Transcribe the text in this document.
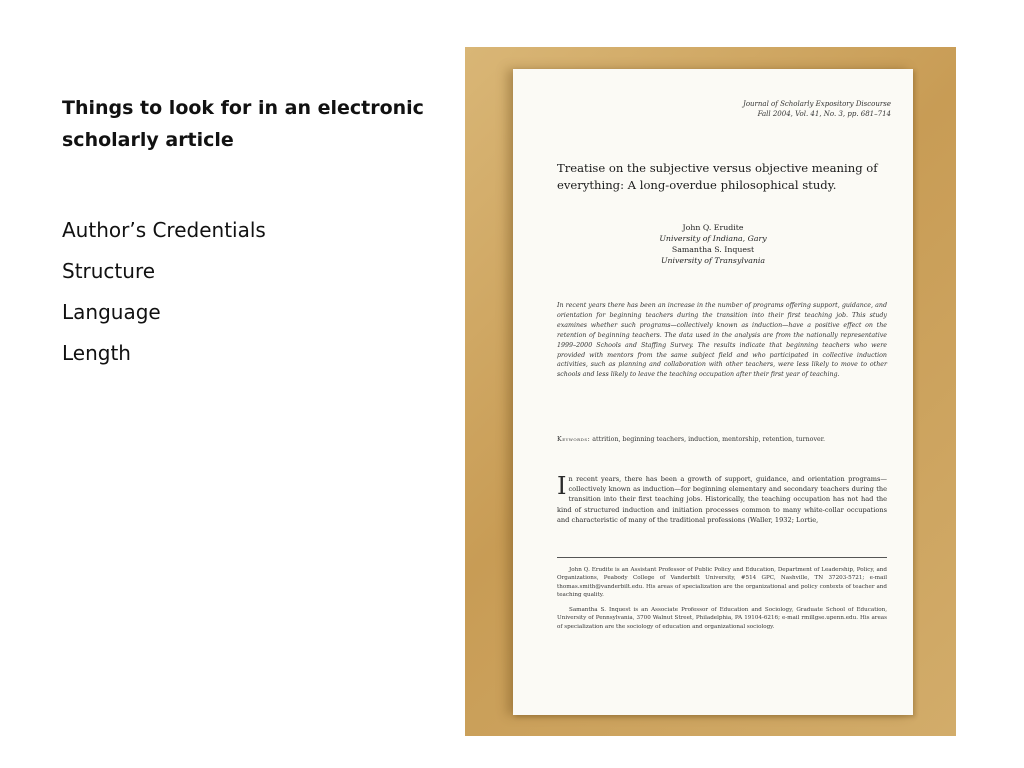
Things to look for in an electronic scholarly article
Author’s Credentials
Structure
Language
Length
Journal of Scholarly Expository Discourse
Fall 2004, Vol. 41, No. 3, pp. 681–714
Treatise on the subjective versus objective meaning of everything: A long-overdue philosophical study.
John Q. Erudite
University of Indiana, Gary
Samantha S. Inquest
University of Transylvania
In recent years there has been an increase in the number of programs offering support, guidance, and orientation for beginning teachers during the transition into their first teaching job. This study examines whether such programs—collectively known as induction—have a positive effect on the retention of beginning teachers. The data used in the analysis are from the nationally representative 1999–2000 Schools and Staffing Survey. The results indicate that beginning teachers who were provided with mentors from the same subject field and who participated in collective induction activities, such as planning and collaboration with other teachers, were less likely to move to other schools and less likely to leave the teaching occupation after their first year of teaching.
Keywords: attrition, beginning teachers, induction, mentorship, retention, turnover.
In recent years, there has been a growth of support, guidance, and orientation programs—collectively known as induction—for beginning elementary and secondary teachers during the transition into their first teaching jobs. Historically, the teaching occupation has not had the kind of structured induction and initiation processes common to many white-collar occupations and characteristic of many of the traditional professions (Waller, 1932; Lortie,

John Q. Erudite is an Assistant Professor of Public Policy and Education, Department of Leadership, Policy, and Organizations, Peabody College of Vanderbilt University, #514 GPC, Nashville, TN 37203-5721; e-mail thomas.smith@vanderbilt.edu. His areas of specialization are the organizational and policy contexts of teacher and teaching quality.

Samantha S. Inquest is an Associate Professor of Education and Sociology, Graduate School of Education, University of Pennsylvania, 3700 Walnut Street, Philadelphia, PA 19104-6216; e-mail rmillgse.upenn.edu. His areas of specialization are the sociology of education and organizational sociology.
